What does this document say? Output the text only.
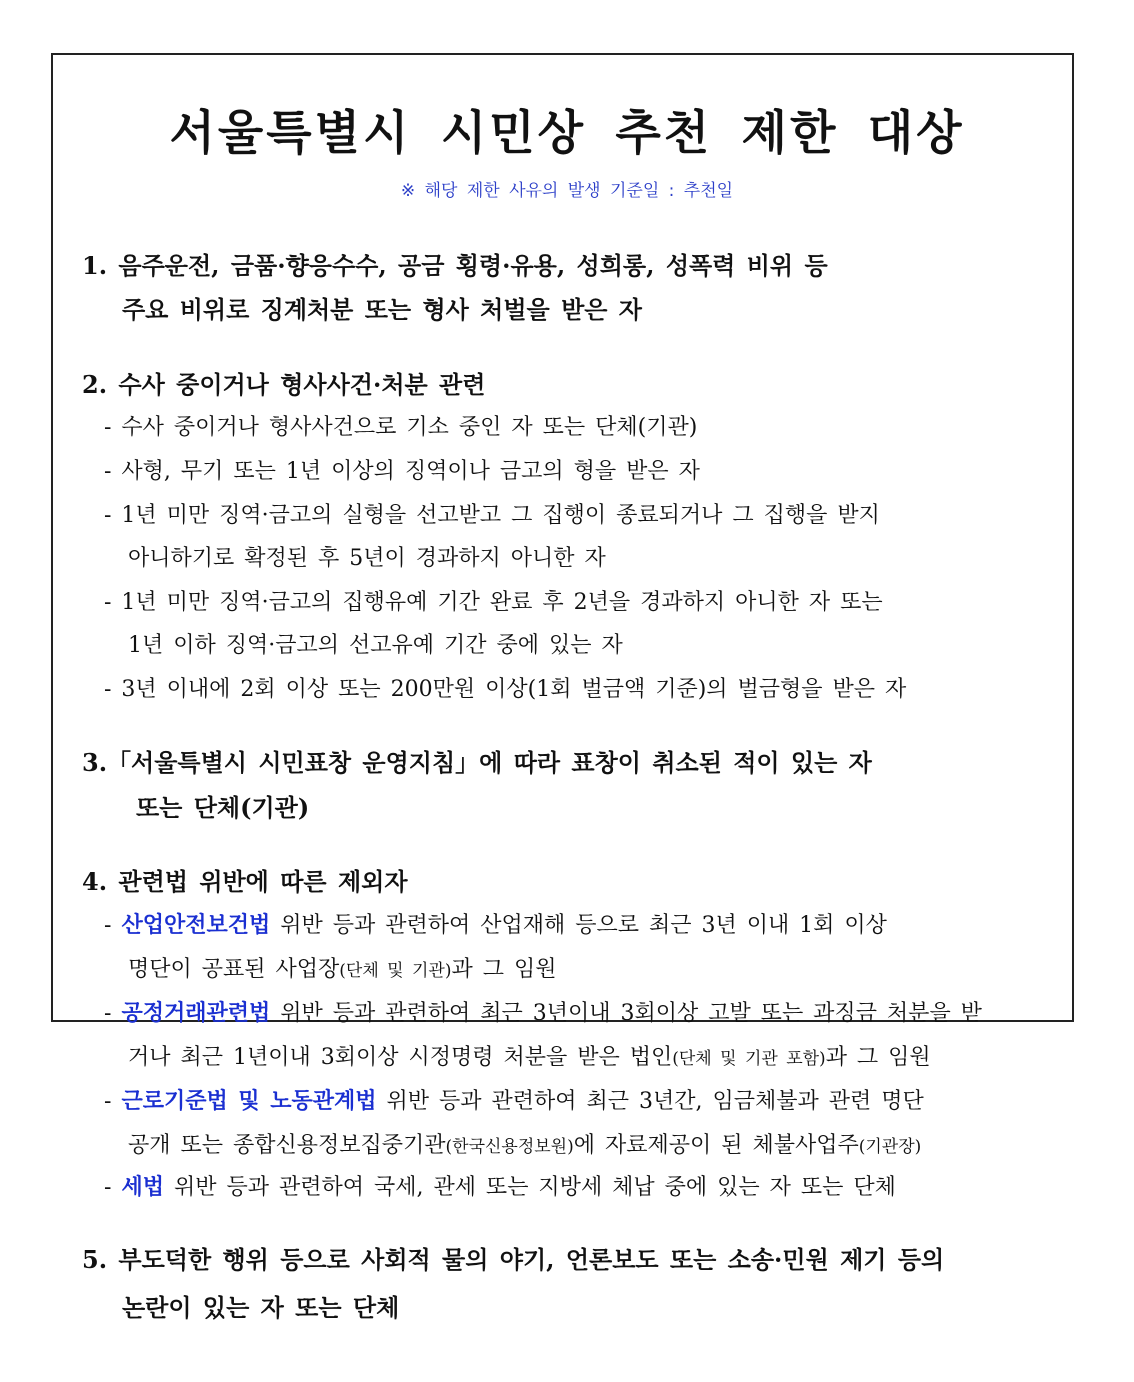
서울특별시 시민상 추천 제한 대상
※ 해당 제한 사유의 발생 기준일 : 추천일
1. 음주운전, 금품·향응수수, 공금 횡령·유용, 성희롱, 성폭력 비위 등
주요 비위로 징계처분 또는 형사 처벌을 받은 자
2. 수사 중이거나 형사사건·처분 관련
- 수사 중이거나 형사사건으로 기소 중인 자 또는 단체(기관)
- 사형, 무기 또는 1년 이상의 징역이나 금고의 형을 받은 자
- 1년 미만 징역·금고의 실형을 선고받고 그 집행이 종료되거나 그 집행을 받지
아니하기로 확정된 후 5년이 경과하지 아니한 자
- 1년 미만 징역·금고의 집행유예 기간 완료 후 2년을 경과하지 아니한 자 또는
1년 이하 징역·금고의 선고유예 기간 중에 있는 자
- 3년 이내에 2회 이상 또는 200만원 이상(1회 벌금액 기준)의 벌금형을 받은 자
3.「서울특별시 시민표창 운영지침」에 따라 표창이 취소된 적이 있는 자
또는 단체(기관)
4. 관련법 위반에 따른 제외자
- 산업안전보건법 위반 등과 관련하여 산업재해 등으로 최근 3년 이내 1회 이상
명단이 공표된 사업장(단체 및 기관)과 그 임원
- 공정거래관련법 위반 등과 관련하여 최근 3년이내 3회이상 고발 또는 과징금 처분을 받
거나 최근 1년이내 3회이상 시정명령 처분을 받은 법인(단체 및 기관 포함)과 그 임원
- 근로기준법 및 노동관계법 위반 등과 관련하여 최근 3년간, 임금체불과 관련 명단
공개 또는 종합신용정보집중기관(한국신용정보원)에 자료제공이 된 체불사업주(기관장)
- 세법 위반 등과 관련하여 국세, 관세 또는 지방세 체납 중에 있는 자 또는 단체
5. 부도덕한 행위 등으로 사회적 물의 야기, 언론보도 또는 소송·민원 제기 등의
논란이 있는 자 또는 단체
